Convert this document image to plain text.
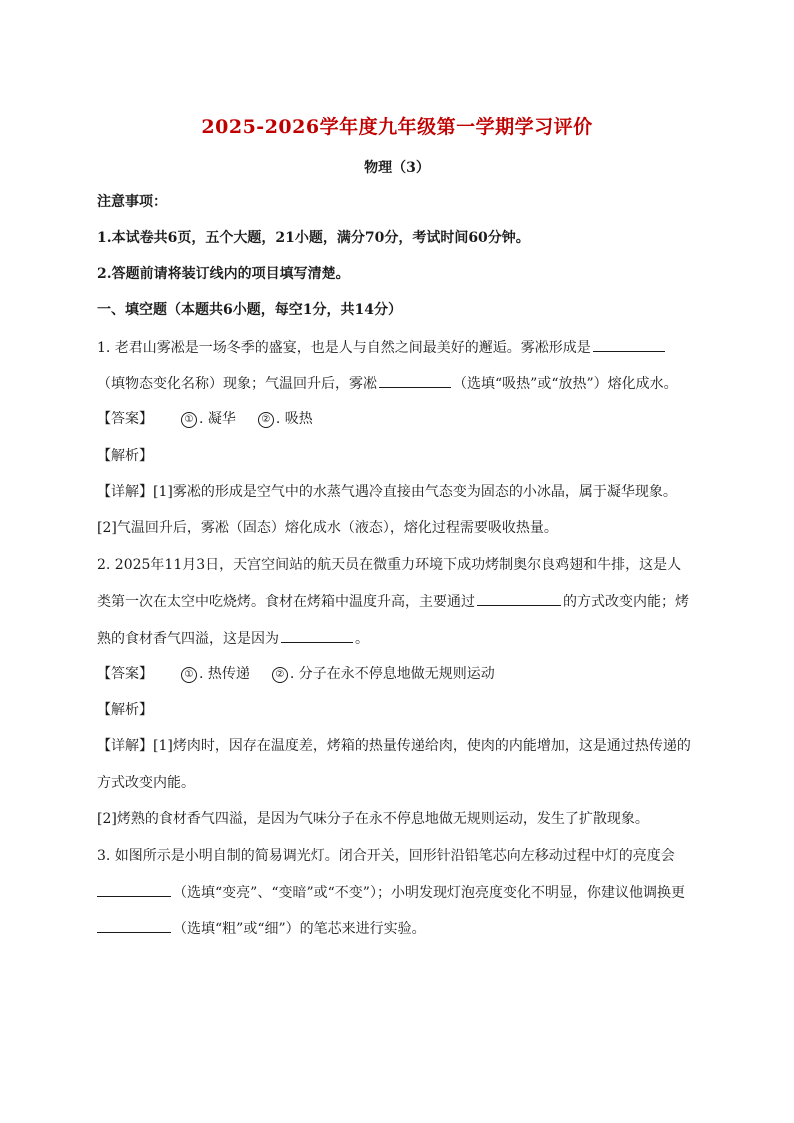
2025-2026学年度九年级第一学期学习评价
物理（3）
注意事项：
1.本试卷共6页，五个大题，21小题，满分70分，考试时间60分钟。
2.答题前请将装订线内的项目填写清楚。
一、填空题（本题共6小题，每空1分，共14分）
1. 老君山雾凇是一场冬季的盛宴，也是人与自然之间最美好的邂逅。雾凇形成是
（填物态变化名称）现象；气温回升后，雾凇	（选填“吸热”或“放热”）熔化成水。
【答案】	① . 凝华	② . 吸热
【解析】
【详解】[1]雾凇的形成是空气中的水蒸气遇冷直接由气态变为固态的小冰晶，属于凝华现象。
[2]气温回升后，雾凇（固态）熔化成水（液态），熔化过程需要吸收热量。
2. 2025年11月3日，天宫空间站的航天员在微重力环境下成功烤制奥尔良鸡翅和牛排，这是人
类第一次在太空中吃烧烤。食材在烤箱中温度升高，主要通过	的方式改变内能；烤
熟的食材香气四溢，这是因为	。
【答案】	① . 热传递	② . 分子在永不停息地做无规则运动
【解析】
【详解】[1]烤肉时，因存在温度差，烤箱的热量传递给肉，使肉的内能增加，这是通过热传递的
方式改变内能。
[2]烤熟的食材香气四溢，是因为气味分子在永不停息地做无规则运动，发生了扩散现象。
3. 如图所示是小明自制的简易调光灯。闭合开关，回形针沿铅笔芯向左移动过程中灯的亮度会
（选填“变亮”、“变暗”或“不变”）；小明发现灯泡亮度变化不明显，你建议他调换更
（选填“粗”或“细”）的笔芯来进行实验。
